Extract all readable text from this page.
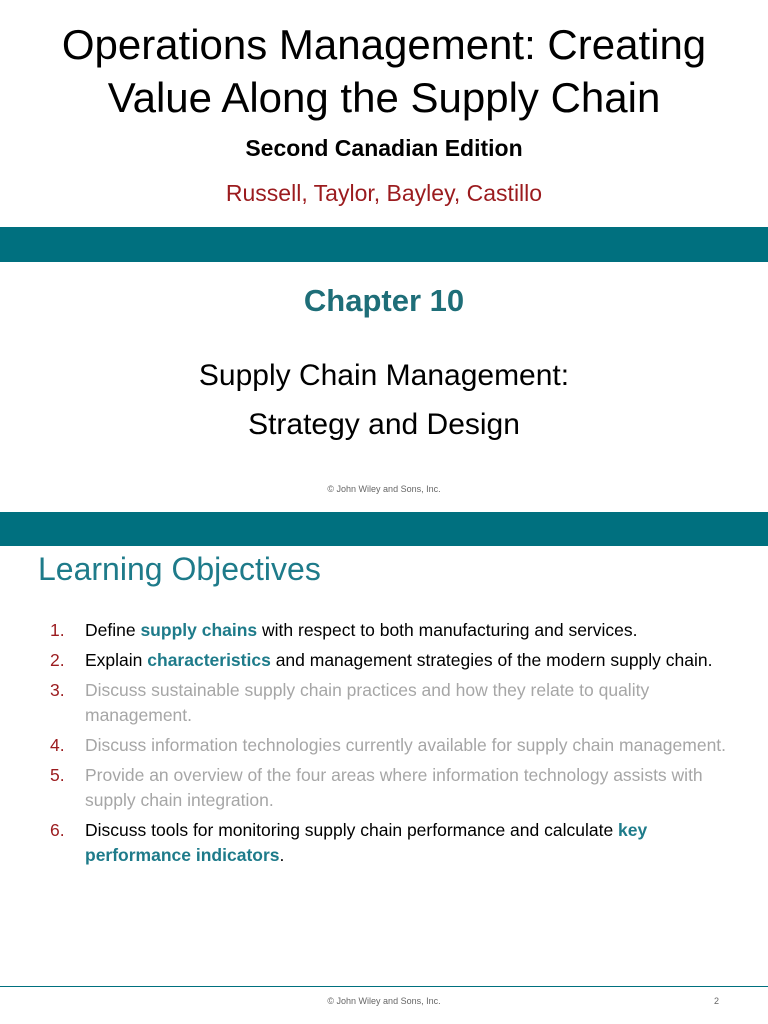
Operations Management: Creating
Value Along the Supply Chain
Second Canadian Edition
Russell, Taylor, Bayley, Castillo
Chapter 10
Supply Chain Management:
Strategy and Design
© John Wiley and Sons, Inc.
Learning Objectives
1. Define supply chains with respect to both manufacturing and services.
2. Explain characteristics and management strategies of the modern supply chain.
3. Discuss sustainable supply chain practices and how they relate to quality management.
4. Discuss information technologies currently available for supply chain management.
5. Provide an overview of the four areas where information technology assists with supply chain integration.
6. Discuss tools for monitoring supply chain performance and calculate key performance indicators.
© John Wiley and Sons, Inc.	2
